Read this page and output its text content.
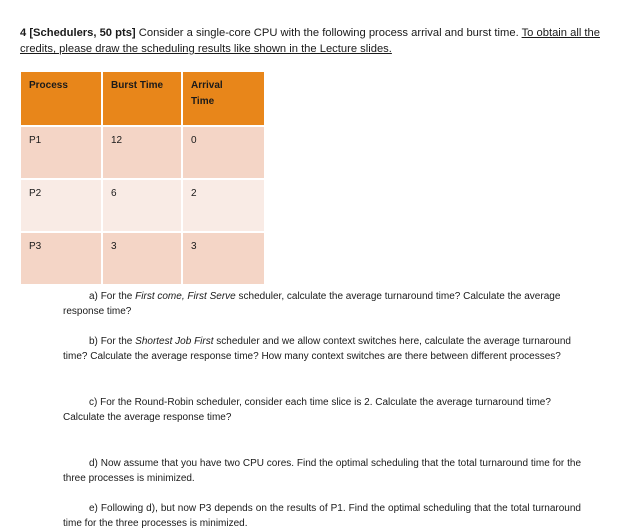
4 [Schedulers, 50 pts] Consider a single-core CPU with the following process arrival and burst time. To obtain all the credits, please draw the scheduling results like shown in the Lecture slides.
Process	Burst Time	Arrival Time
P1	12	0
P2	6	2
P3	3	3
a) For the First come, First Serve scheduler, calculate the average turnaround time? Calculate the average response time?
b) For the Shortest Job First scheduler and we allow context switches here, calculate the average turnaround time? Calculate the average response time? How many context switches are there between different processes?
c) For the Round-Robin scheduler, consider each time slice is 2. Calculate the average turnaround time? Calculate the average response time?
d) Now assume that you have two CPU cores. Find the optimal scheduling that the total turnaround time for the three processes is minimized.
e) Following d), but now P3 depends on the results of P1. Find the optimal scheduling that the total turnaround time for the three processes is minimized.
